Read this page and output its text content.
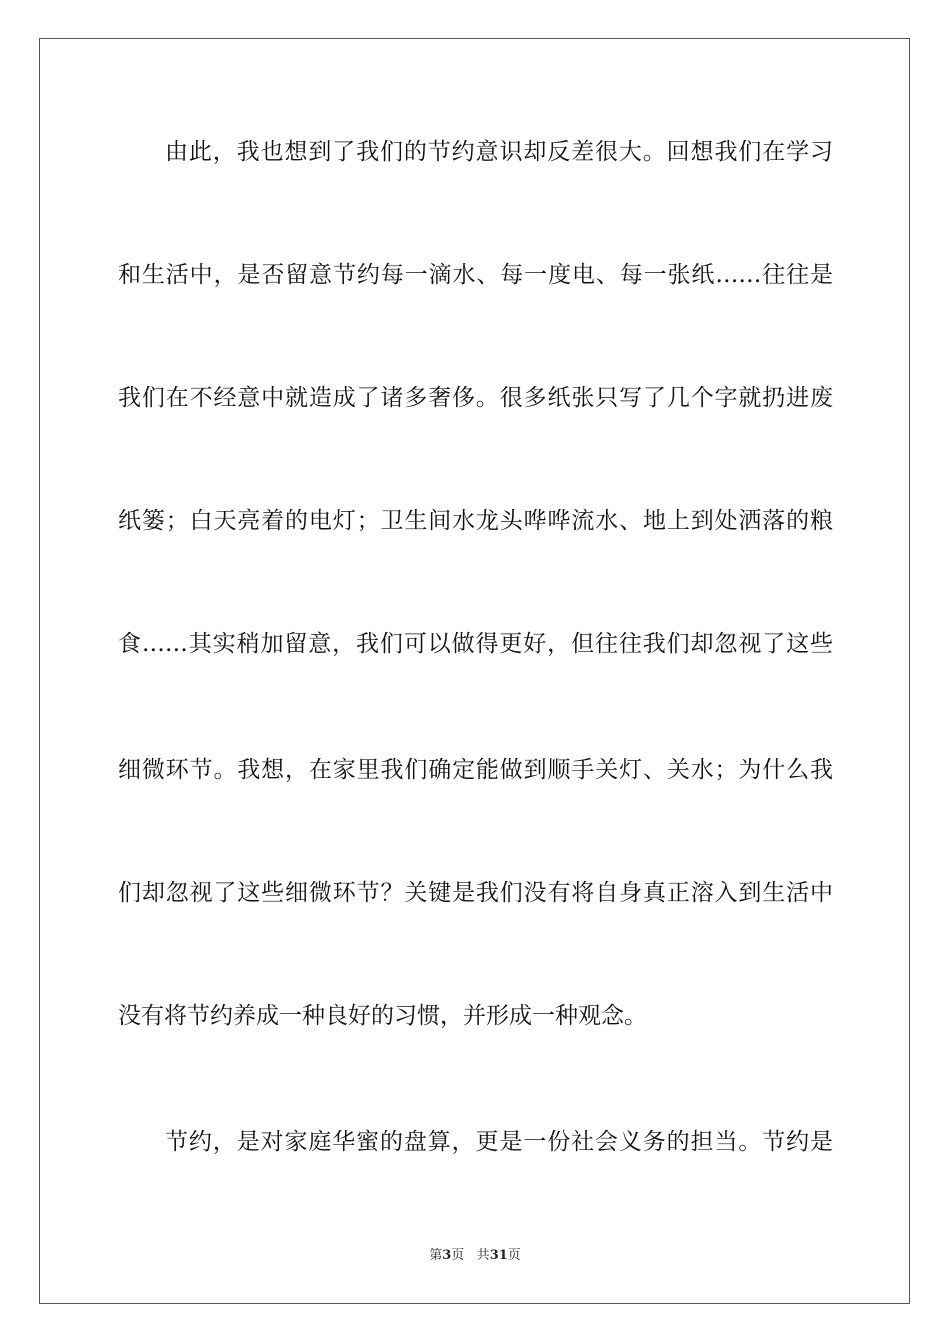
由此，我也想到了我们的节约意识却反差很大。回想我们在学习
和生活中，是否留意节约每一滴水、每一度电、每一张纸……往往是
我们在不经意中就造成了诸多奢侈。很多纸张只写了几个字就扔进废
纸篓；白天亮着的电灯；卫生间水龙头哗哗流水、地上到处洒落的粮
食……其实稍加留意，我们可以做得更好，但往往我们却忽视了这些
细微环节。我想，在家里我们确定能做到顺手关灯、关水；为什么我
们却忽视了这些细微环节？关键是我们没有将自身真正溶入到生活中
没有将节约养成一种良好的习惯，并形成一种观念。
节约，是对家庭华蜜的盘算，更是一份社会义务的担当。节约是
第3页 共31页
